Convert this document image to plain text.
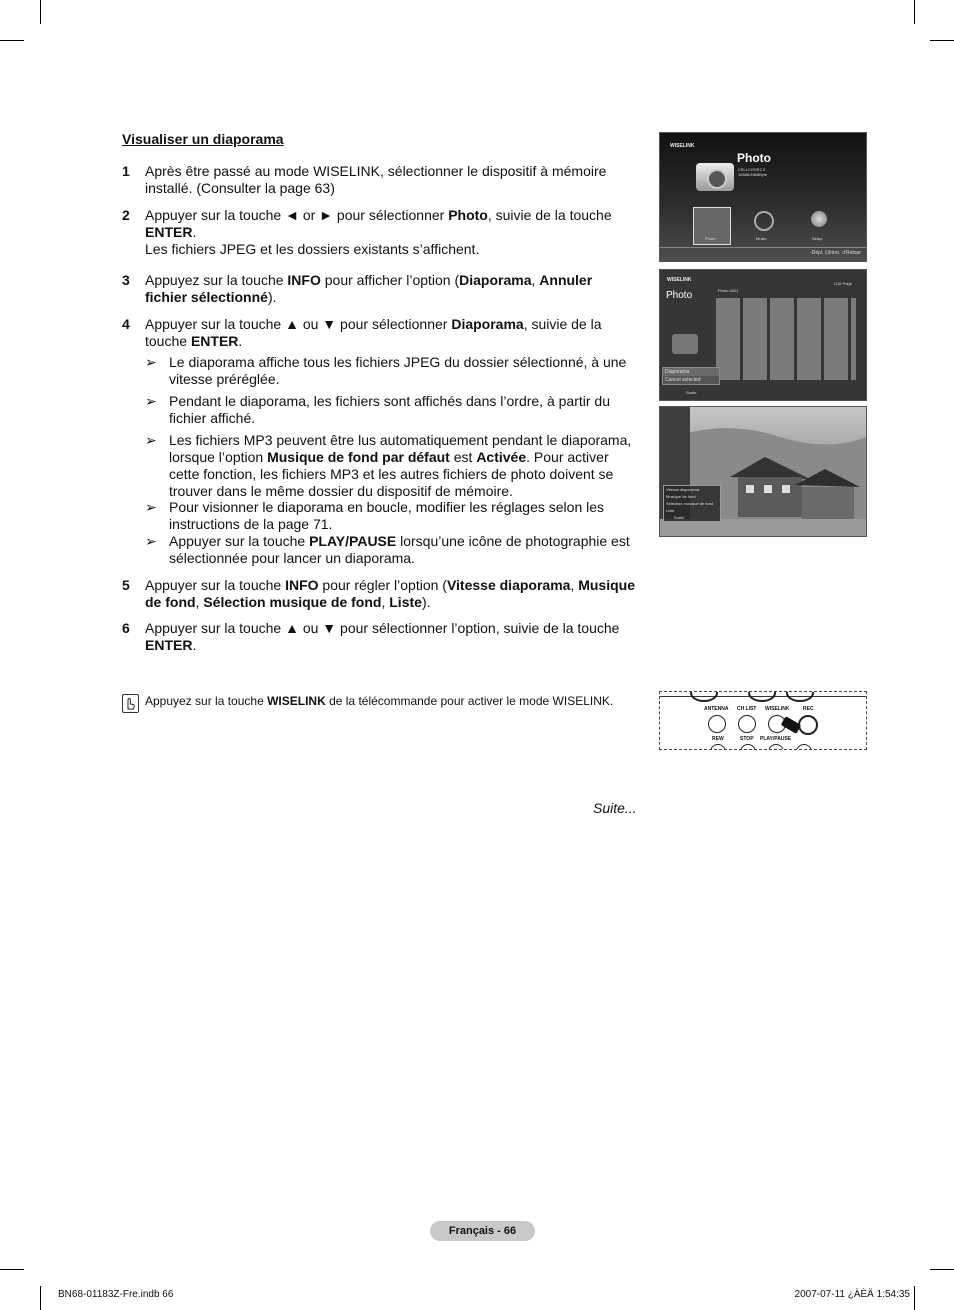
Visualiser un diaporama
1 Après être passé au mode WISELINK, sélectionner le dispositif à mémoire installé. (Consulter la page 63)
2 Appuyer sur la touche ◄ or ► pour sélectionner Photo, suivie de la touche ENTER.
Les fichiers JPEG et les dossiers existants s’affichent.
3 Appuyez sur la touche INFO pour afficher l’option (Diaporama, Annuler fichier sélectionné).
4 Appuyer sur la touche ▲ ou ▼ pour sélectionner Diaporama, suivie de la touche ENTER.
➢ Le diaporama affiche tous les fichiers JPEG du dossier sélectionné, à une vitesse préréglée.
➢ Pendant le diaporama, les fichiers sont affichés dans l’ordre, à partir du fichier affiché.
➢ Les fichiers MP3 peuvent être lus automatiquement pendant le diaporama, lorsque l’option Musique de fond par défaut est Activée. Pour activer cette fonction, les fichiers MP3 et les autres fichiers de photo doivent se trouver dans le même dossier du dispositif de mémoire.
➢ Pour visionner le diaporama en boucle, modifier les réglages selon les instructions de la page 71.
➢ Appuyer sur la touche PLAY/PAUSE lorsqu’une icône de photographie est sélectionnée pour lancer un diaporama.
5 Appuyer sur la touche INFO pour régler l’option (Vitesse diaporama, Musique de fond, Sélection musique de fond, Liste).
6 Appuyer sur la touche ▲ ou ▼ pour sélectionner l’option, suivie de la touche ENTER.
Appuyez sur la touche WISELINK de la télécommande pour activer le mode WISELINK.
Suite...
WISELINK
Photo
CELLCOSR2.0
15586/3968Byte
Photo	Music	Setup
◦Dépl. ⊡Intro. ↺Retour
WISELINK
Photo
1/10 Page
Photo 0001
Diaporama
Cancel selected
Sortie
Vitesse diaporama
Musique de fond
Sélection musique de fond
Liste
Sortie
ANTENNA CH LIST WISELINK	REC
REW	STOP PLAY/PAUSE
Français - 66
BN68-01183Z-Fre.indb 66	2007-07-11 ¿ÀÈÄ 1:54:35
